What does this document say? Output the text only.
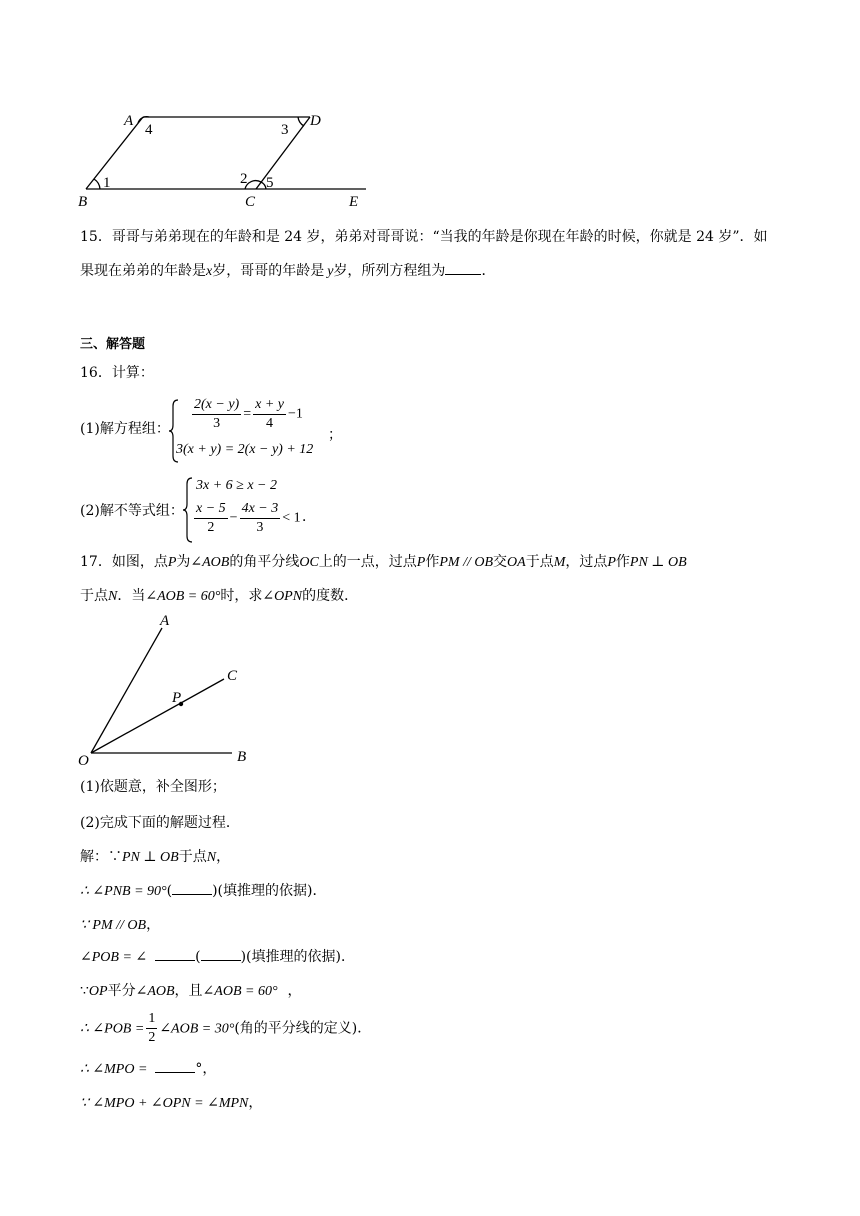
A
4	3
D
1	2 5
B	C	E
15．哥哥与弟弟现在的年龄和是 24 岁，弟弟对哥哥说：“当我的年龄是你现在年龄的时候，你就是 24 岁”．如
果现在弟弟的年龄是x岁，哥哥的年龄是 y岁，所列方程组为	．
三、解答题
16．计算：
(1)解方程组： $\frac{2(x - y)}{3} = \frac{x + y}{4} -1$
3(x + y) = 2(x − y) + 12
；
(2)解不等式组：
3x + 6 ≥ x − 2
$\frac{x - 5}{2} - \frac{4x - 3}{3} < 1$ ．
17．如图，点P为∠AOB的角平分线OC上的一点，过点P作PM // OB交OA于点M，过点P作PN ⊥ OB
于点N．当∠AOB = 60°时，求∠OPN的度数．
A
C
P
O	B
(1)依题意，补全图形；
(2)完成下面的解题过程．
解：∵PN ⊥ OB于点N，
∴ ∠PNB = 90°(	)(填推理的依据)．
∵ PM // OB，
∠POB = ∠	(	)(填推理的依据)．
∵OP平分∠AOB，且∠AOB = 60° ，
∴ ∠POB = $\frac{1}{2}$ ∠AOB = 30°(角的平分线的定义)．
∴ ∠MPO =	°，
∵ ∠MPO + ∠OPN = ∠MPN，
